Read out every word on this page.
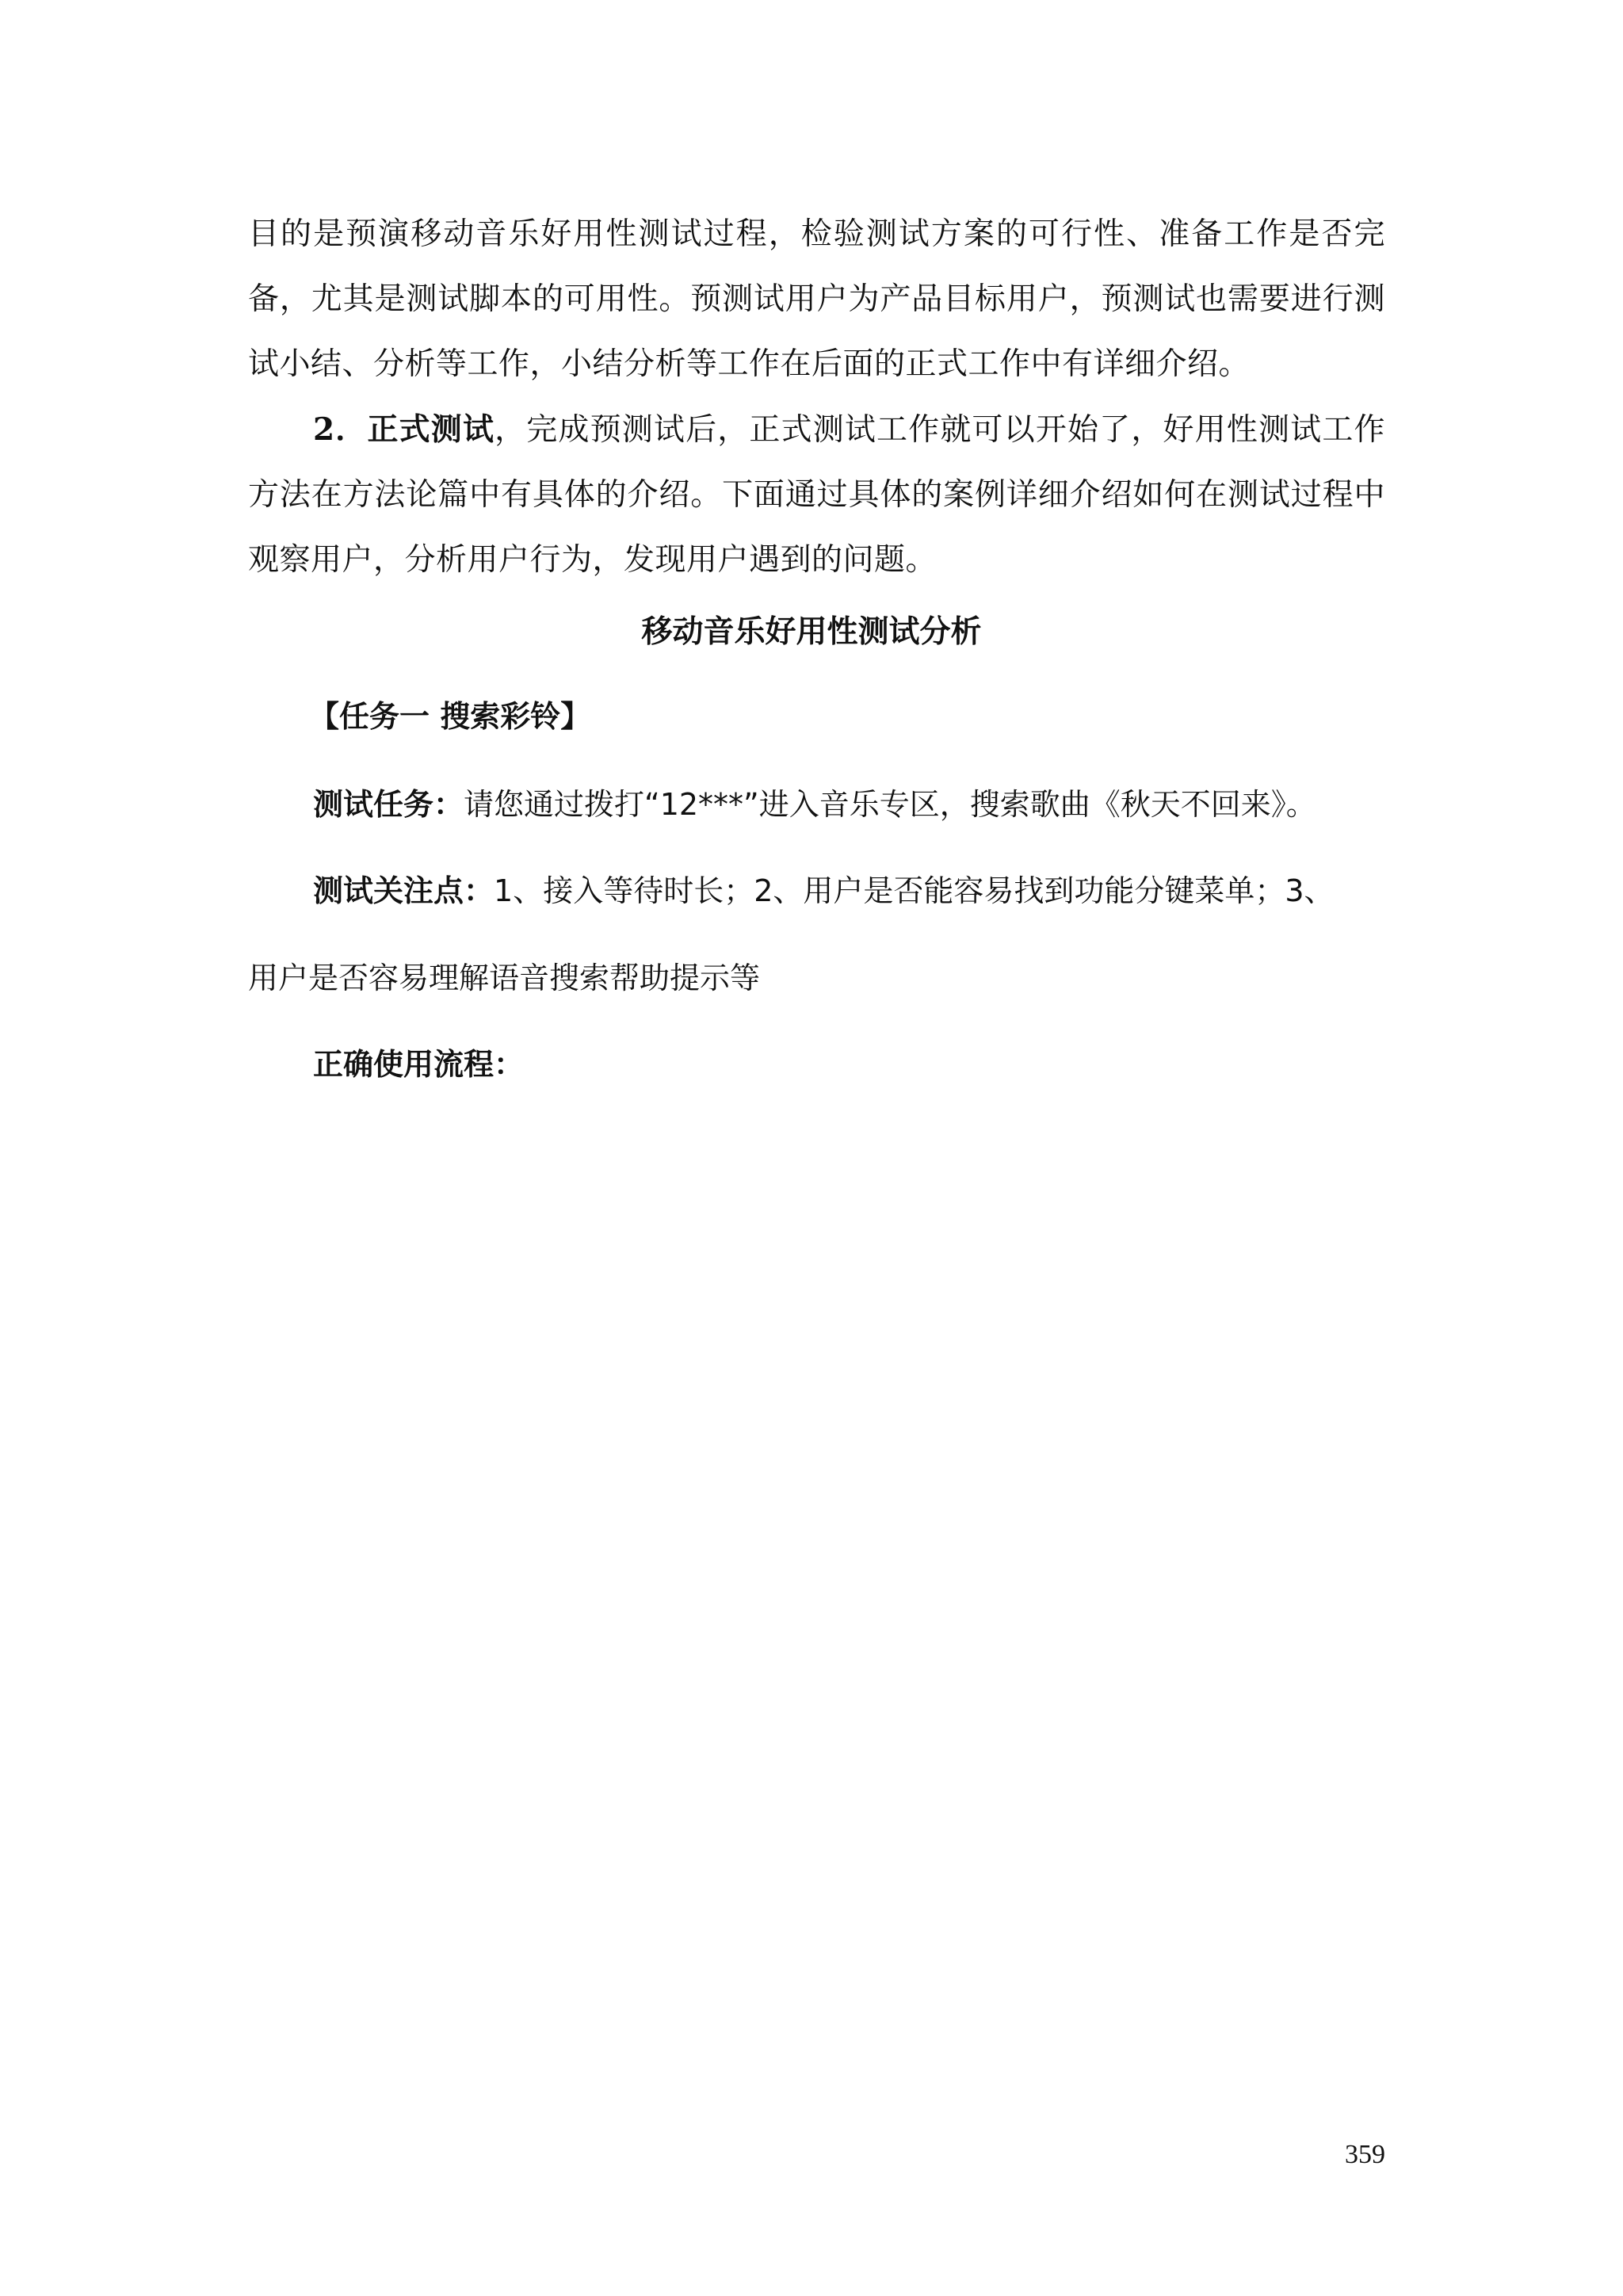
目的是预演移动音乐好用性测试过程，检验测试方案的可行性、准备工作是否完备，尤其是测试脚本的可用性。预测试用户为产品目标用户，预测试也需要进行测试小结、分析等工作，小结分析等工作在后面的正式工作中有详细介绍。

2．正式测试，完成预测试后，正式测试工作就可以开始了，好用性测试工作方法在方法论篇中有具体的介绍。下面通过具体的案例详细介绍如何在测试过程中观察用户，分析用户行为，发现用户遇到的问题。

移动音乐好用性测试分析

【任务一 搜索彩铃】

测试任务：请您通过拨打“12***”进入音乐专区，搜索歌曲《秋天不回来》。

测试关注点：1、接入等待时长；2、用户是否能容易找到功能分键菜单；3、

用户是否容易理解语音搜索帮助提示等

正确使用流程：

359
